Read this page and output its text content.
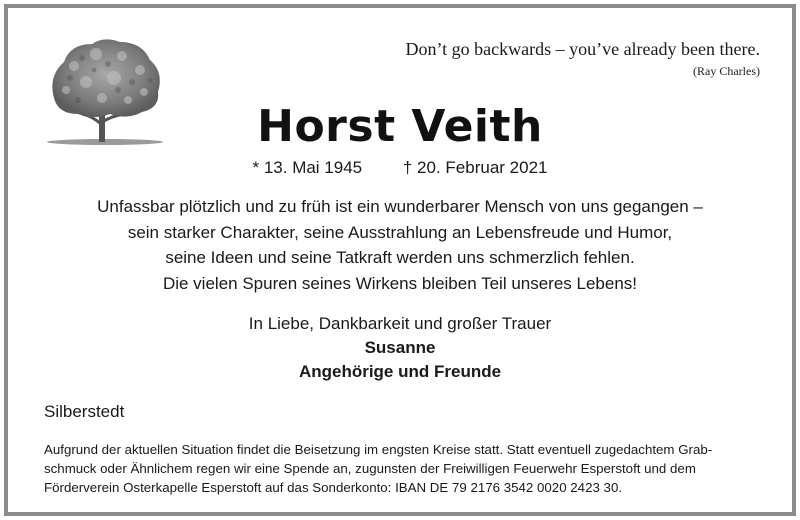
Don’t go backwards – you’ve already been there.
(Ray Charles)
Horst Veith
* 13. Mai 1945 † 20. Februar 2021
Unfassbar plötzlich und zu früh ist ein wunderbarer Mensch von uns gegangen –
sein starker Charakter, seine Ausstrahlung an Lebensfreude und Humor,
seine Ideen und seine Tatkraft werden uns schmerzlich fehlen.
Die vielen Spuren seines Wirkens bleiben Teil unseres Lebens!
In Liebe, Dankbarkeit und großer Trauer
Susanne
Angehörige und Freunde
Silberstedt
Aufgrund der aktuellen Situation findet die Beisetzung im engsten Kreise statt. Statt eventuell zugedachtem Grab-
schmuck oder Ähnlichem regen wir eine Spende an, zugunsten der Freiwilligen Feuerwehr Esperstoft und dem
Förderverein Osterkapelle Esperstoft auf das Sonderkonto: IBAN DE 79 2176 3542 0020 2423 30.
